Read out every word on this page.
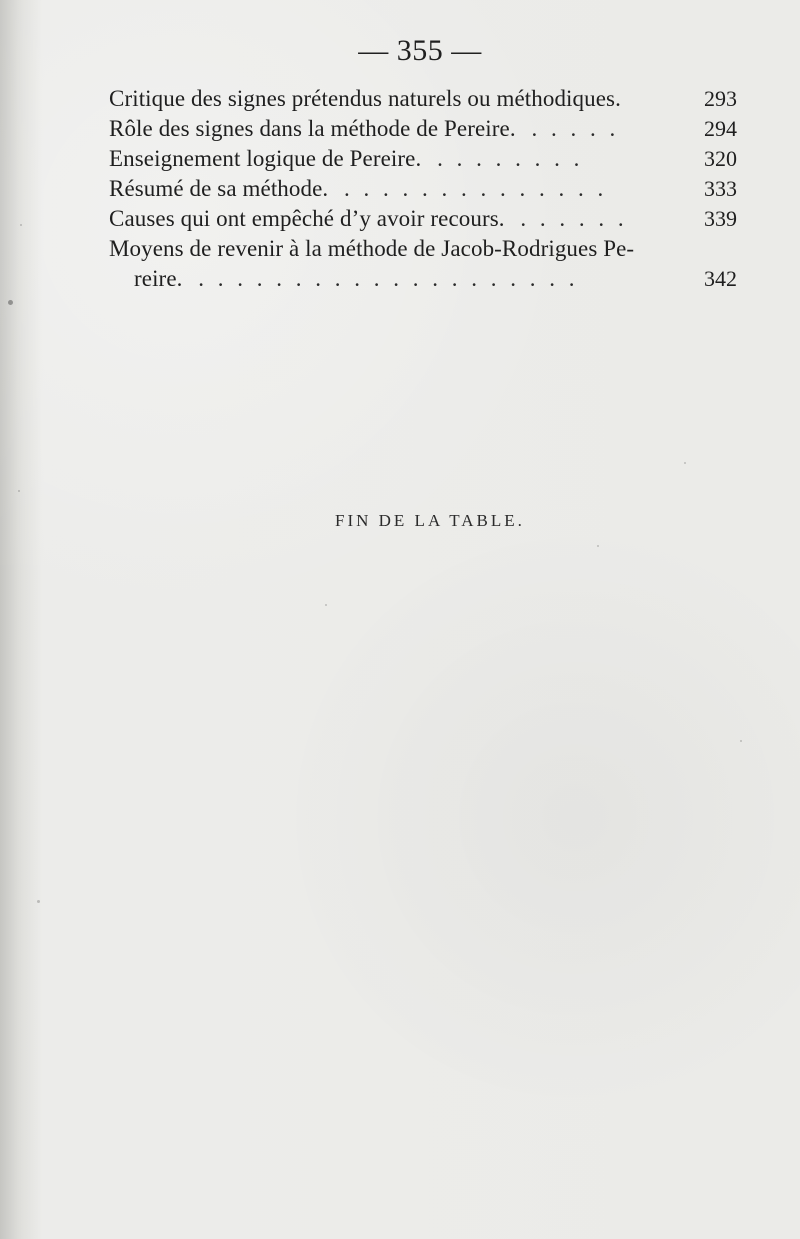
— 355 —
Critique des signes prétendus naturels ou méthodiques.	293
Rôle des signes dans la méthode de Pereire. . . . . .	294
Enseignement logique de Pereire. . . . . . . . .	320
Résumé de sa méthode. . . . . . . . . . . . . . .	333
Causes qui ont empêché d’y avoir recours. . . . . . .	339
Moyens de revenir à la méthode de Jacob-Rodrigues Pe-
reire. . . . . . . . . . . . . . . . . . . . .	342
FIN DE LA TABLE.
